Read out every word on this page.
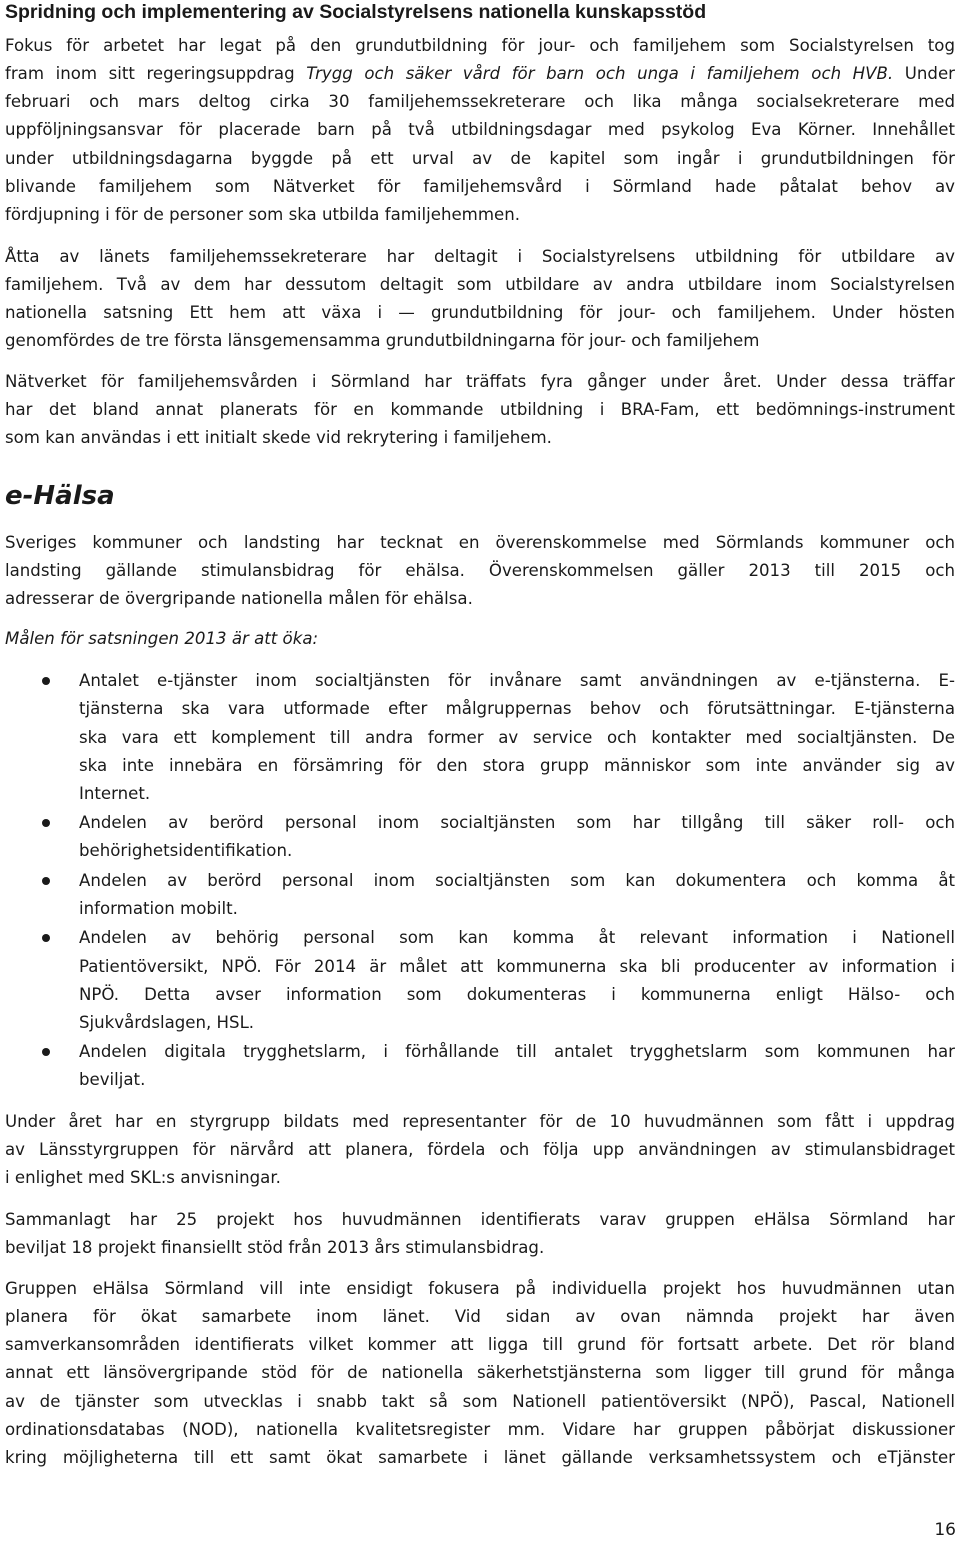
Spridning och implementering av Socialstyrelsens nationella kunskapsstöd
Fokus för arbetet har legat på den grundutbildning för jour- och familjehem som Socialstyrelsen tog
fram inom sitt regeringsuppdrag Trygg och säker vård för barn och unga i familjehem och HVB. Under
februari och mars deltog cirka 30 familjehemssekreterare och lika många socialsekreterare med
uppföljningsansvar för placerade barn på två utbildningsdagar med psykolog Eva Körner. Innehållet
under utbildningsdagarna byggde på ett urval av de kapitel som ingår i grundutbildningen för
blivande familjehem som Nätverket för familjehemsvård i Sörmland hade påtalat behov av
fördjupning i för de personer som ska utbilda familjehemmen.
Åtta av länets familjehemssekreterare har deltagit i Socialstyrelsens utbildning för utbildare av
familjehem. Två av dem har dessutom deltagit som utbildare av andra utbildare inom Socialstyrelsen
nationella satsning Ett hem att växa i — grundutbildning för jour- och familjehem. Under hösten
genomfördes de tre första länsgemensamma grundutbildningarna för jour- och familjehem
Nätverket för familjehemsvården i Sörmland har träffats fyra gånger under året. Under dessa träffar
har det bland annat planerats för en kommande utbildning i BRA-Fam, ett bedömnings-instrument
som kan användas i ett initialt skede vid rekrytering i familjehem.
e-Hälsa
Sveriges kommuner och landsting har tecknat en överenskommelse med Sörmlands kommuner och
landsting gällande stimulansbidrag för ehälsa. Överenskommelsen gäller 2013 till 2015 och
adresserar de övergripande nationella målen för ehälsa.
Målen för satsningen 2013 är att öka:
Antalet e-tjänster inom socialtjänsten för invånare samt användningen av e-tjänsterna. E-
tjänsterna ska vara utformade efter målgruppernas behov och förutsättningar. E-tjänsterna
ska vara ett komplement till andra former av service och kontakter med socialtjänsten. De
ska inte innebära en försämring för den stora grupp människor som inte använder sig av
Internet.
Andelen av berörd personal inom socialtjänsten som har tillgång till säker roll- och
behörighetsidentifikation.
Andelen av berörd personal inom socialtjänsten som kan dokumentera och komma åt
information mobilt.
Andelen av behörig personal som kan komma åt relevant information i Nationell
Patientöversikt, NPÖ. För 2014 är målet att kommunerna ska bli producenter av information i
NPÖ. Detta avser information som dokumenteras i kommunerna enligt Hälso- och
Sjukvårdslagen, HSL.
Andelen digitala trygghetslarm, i förhållande till antalet trygghetslarm som kommunen har
beviljat.
Under året har en styrgrupp bildats med representanter för de 10 huvudmännen som fått i uppdrag
av Länsstyrgruppen för närvård att planera, fördela och följa upp användningen av stimulansbidraget
i enlighet med SKL:s anvisningar.
Sammanlagt har 25 projekt hos huvudmännen identifierats varav gruppen eHälsa Sörmland har
beviljat 18 projekt finansiellt stöd från 2013 års stimulansbidrag.
Gruppen eHälsa Sörmland vill inte ensidigt fokusera på individuella projekt hos huvudmännen utan
planera för ökat samarbete inom länet. Vid sidan av ovan nämnda projekt har även
samverkansområden identifierats vilket kommer att ligga till grund för fortsatt arbete. Det rör bland
annat ett länsövergripande stöd för de nationella säkerhetstjänsterna som ligger till grund för många
av de tjänster som utvecklas i snabb takt så som Nationell patientöversikt (NPÖ), Pascal, Nationell
ordinationsdatabas (NOD), nationella kvalitetsregister mm. Vidare har gruppen påbörjat diskussioner
kring möjligheterna till ett samt ökat samarbete i länet gällande verksamhetssystem och eTjänster
16
